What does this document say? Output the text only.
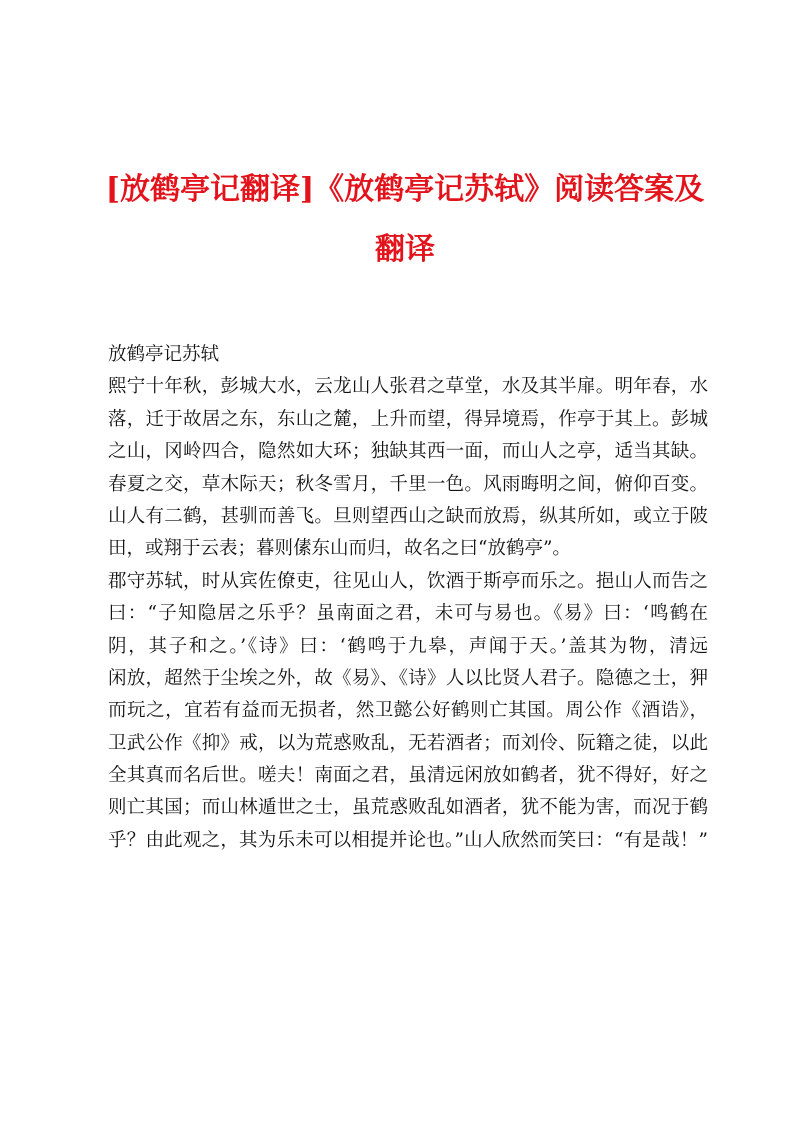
[放鹤亭记翻译]《放鹤亭记苏轼》阅读答案及
翻译
放鹤亭记苏轼
熙宁十年秋，彭城大水，云龙山人张君之草堂，水及其半扉。明年春，水
落，迁于故居之东，东山之麓，上升而望，得异境焉，作亭于其上。彭城
之山，冈岭四合，隐然如大环；独缺其西一面，而山人之亭，适当其缺。
春夏之交，草木际天；秋冬雪月，千里一色。风雨晦明之间，俯仰百变。
山人有二鹤，甚驯而善飞。旦则望西山之缺而放焉，纵其所如，或立于陂
田，或翔于云表；暮则傃东山而归，故名之曰“放鹤亭”。
郡守苏轼，时从宾佐僚吏，往见山人，饮酒于斯亭而乐之。挹山人而告之
曰：“子知隐居之乐乎？虽南面之君，未可与易也。《易》曰：‘鸣鹤在
阴，其子和之。’《诗》曰：‘鹤鸣于九皋，声闻于天。’盖其为物，清远
闲放，超然于尘埃之外，故《易》、《诗》人以比贤人君子。隐德之士，狎
而玩之，宜若有益而无损者，然卫懿公好鹤则亡其国。周公作《酒诰》，
卫武公作《抑》戒，以为荒惑败乱，无若酒者；而刘伶、阮籍之徒，以此
全其真而名后世。嗟夫！南面之君，虽清远闲放如鹤者，犹不得好，好之
则亡其国；而山林遁世之士，虽荒惑败乱如酒者，犹不能为害，而况于鹤
乎？由此观之，其为乐未可以相提并论也。”山人欣然而笑曰：“有是哉！”
